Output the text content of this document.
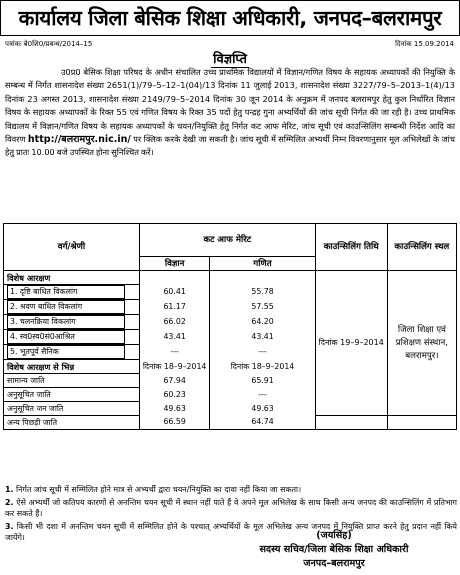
कार्यालय जिला बेसिक शिक्षा अधिकारी, जनपद–बलरामपुर
पत्रांकः बे0शि0/प्रबन्ध/2014–15	दिनांक 15.09.2014
विज्ञप्ति
उ0प्र0 बेसिक शिक्षा परिषद के अधीन संचालित उच्च प्राथमिक विद्यालयों में विज्ञान/गणित विषय के सहायक अध्यापकों की नियुक्ति के सम्बन्ध में निर्गत शासनादेश संख्या 2651(1)/79–5–12–1(04)/13 दिनांक 11 जुलाई 2013, शासनादेश संख्या 3227/79–5–2013–1(4)/13 दिनांक 23 अगस्त 2013, शासनादेश संख्या 2149/79–5–2014 दिनांक 30 जून 2014 के अनुक्रम में जनपद बलरामपुर हेतु कुल निर्धारित विज्ञान विषय के सहायक अध्यापकों के रिक्त 55 एवं गणित विषय के रिक्त 35 पदों हेतु पन्द्रह गुना अभ्यर्थियों की जांच सूची निर्गत की जा रही है। उच्च प्राथमिक विद्यालय में विज्ञान/गणित विषय के सहायक अध्यापकों के चयन/नियुक्ति हेतु निर्गत कट आफ मेरिट, जांच सूची एवं काउन्सिलिंग सम्बन्धी निर्देश आदि का विवरण http://बलरामपुर.nic.in/ पर क्लिक करके देखी जा सकती है। जांच सूची में सम्मिलित अभ्यर्थी निम्न विवरणानुसार मूल अभिलेखों के जांच हेतु प्रातः 10.00 बजे उपस्थित होना सुनिश्चित करें।
वर्ग/श्रेणी	कट आफ मेरिट		काउन्सिलिंग तिथि	काउन्सिलिंग स्थल
	विज्ञान	गणित		
विशेष आरक्षण			दिनांक 19–9–2014	जिला शिक्षा एवं प्रशिक्षण संस्थान, बलरामपुर।

1. दृष्टि बाधित विकलांग	60.41	55.78		

2. श्रवण बाधित विकलांग	61.17	57.55		

3. चलनक्रिया विकलांग	66.02	64.20		

4. स्व0स्व0सं0आश्रित	43.41	43.41		

5. भूतपूर्व सैनिक	---	---		
विशेष आरक्षण से भिन्न	दिनांक 18–9–2014	दिनांक 18–9–2014		
सामान्य जाति	67.94	65.91		
अनुसूचित जाति	60.23	---		
अनुसूचित जन जाति	49.63	49.63		
अन्य पिछड़ी जाति	66.59	64.74		

1. निर्गत जांच सूची में सम्मिलित होने मात्र से अभ्यर्थी द्वारा चयन/नियुक्ति का दावा नहीं किया जा सकता।

2. ऐसे अभ्यर्थी जो कतिपय कारणों से अनन्तिम चयन सूची में स्थान नहीं पाते हैं वे अपने मूल अभिलेख के साथ किसी अन्य जनपद की काउन्सिलिंग में प्रतिभाग कर सकते हैं।

3. किसी भी दशा में अनन्तिम चयन सूची में सम्मिलित होने के पश्चात् अभ्यर्थियों के मूल अभिलेख अन्य जनपद में नियुक्ति प्राप्त करने हेतु प्रदान नहीं किये जायेंगे।	(जयसिंह)
सदस्य सचिव/जिला बेसिक शिक्षा अधिकारी
जनपद–बलरामपुर
